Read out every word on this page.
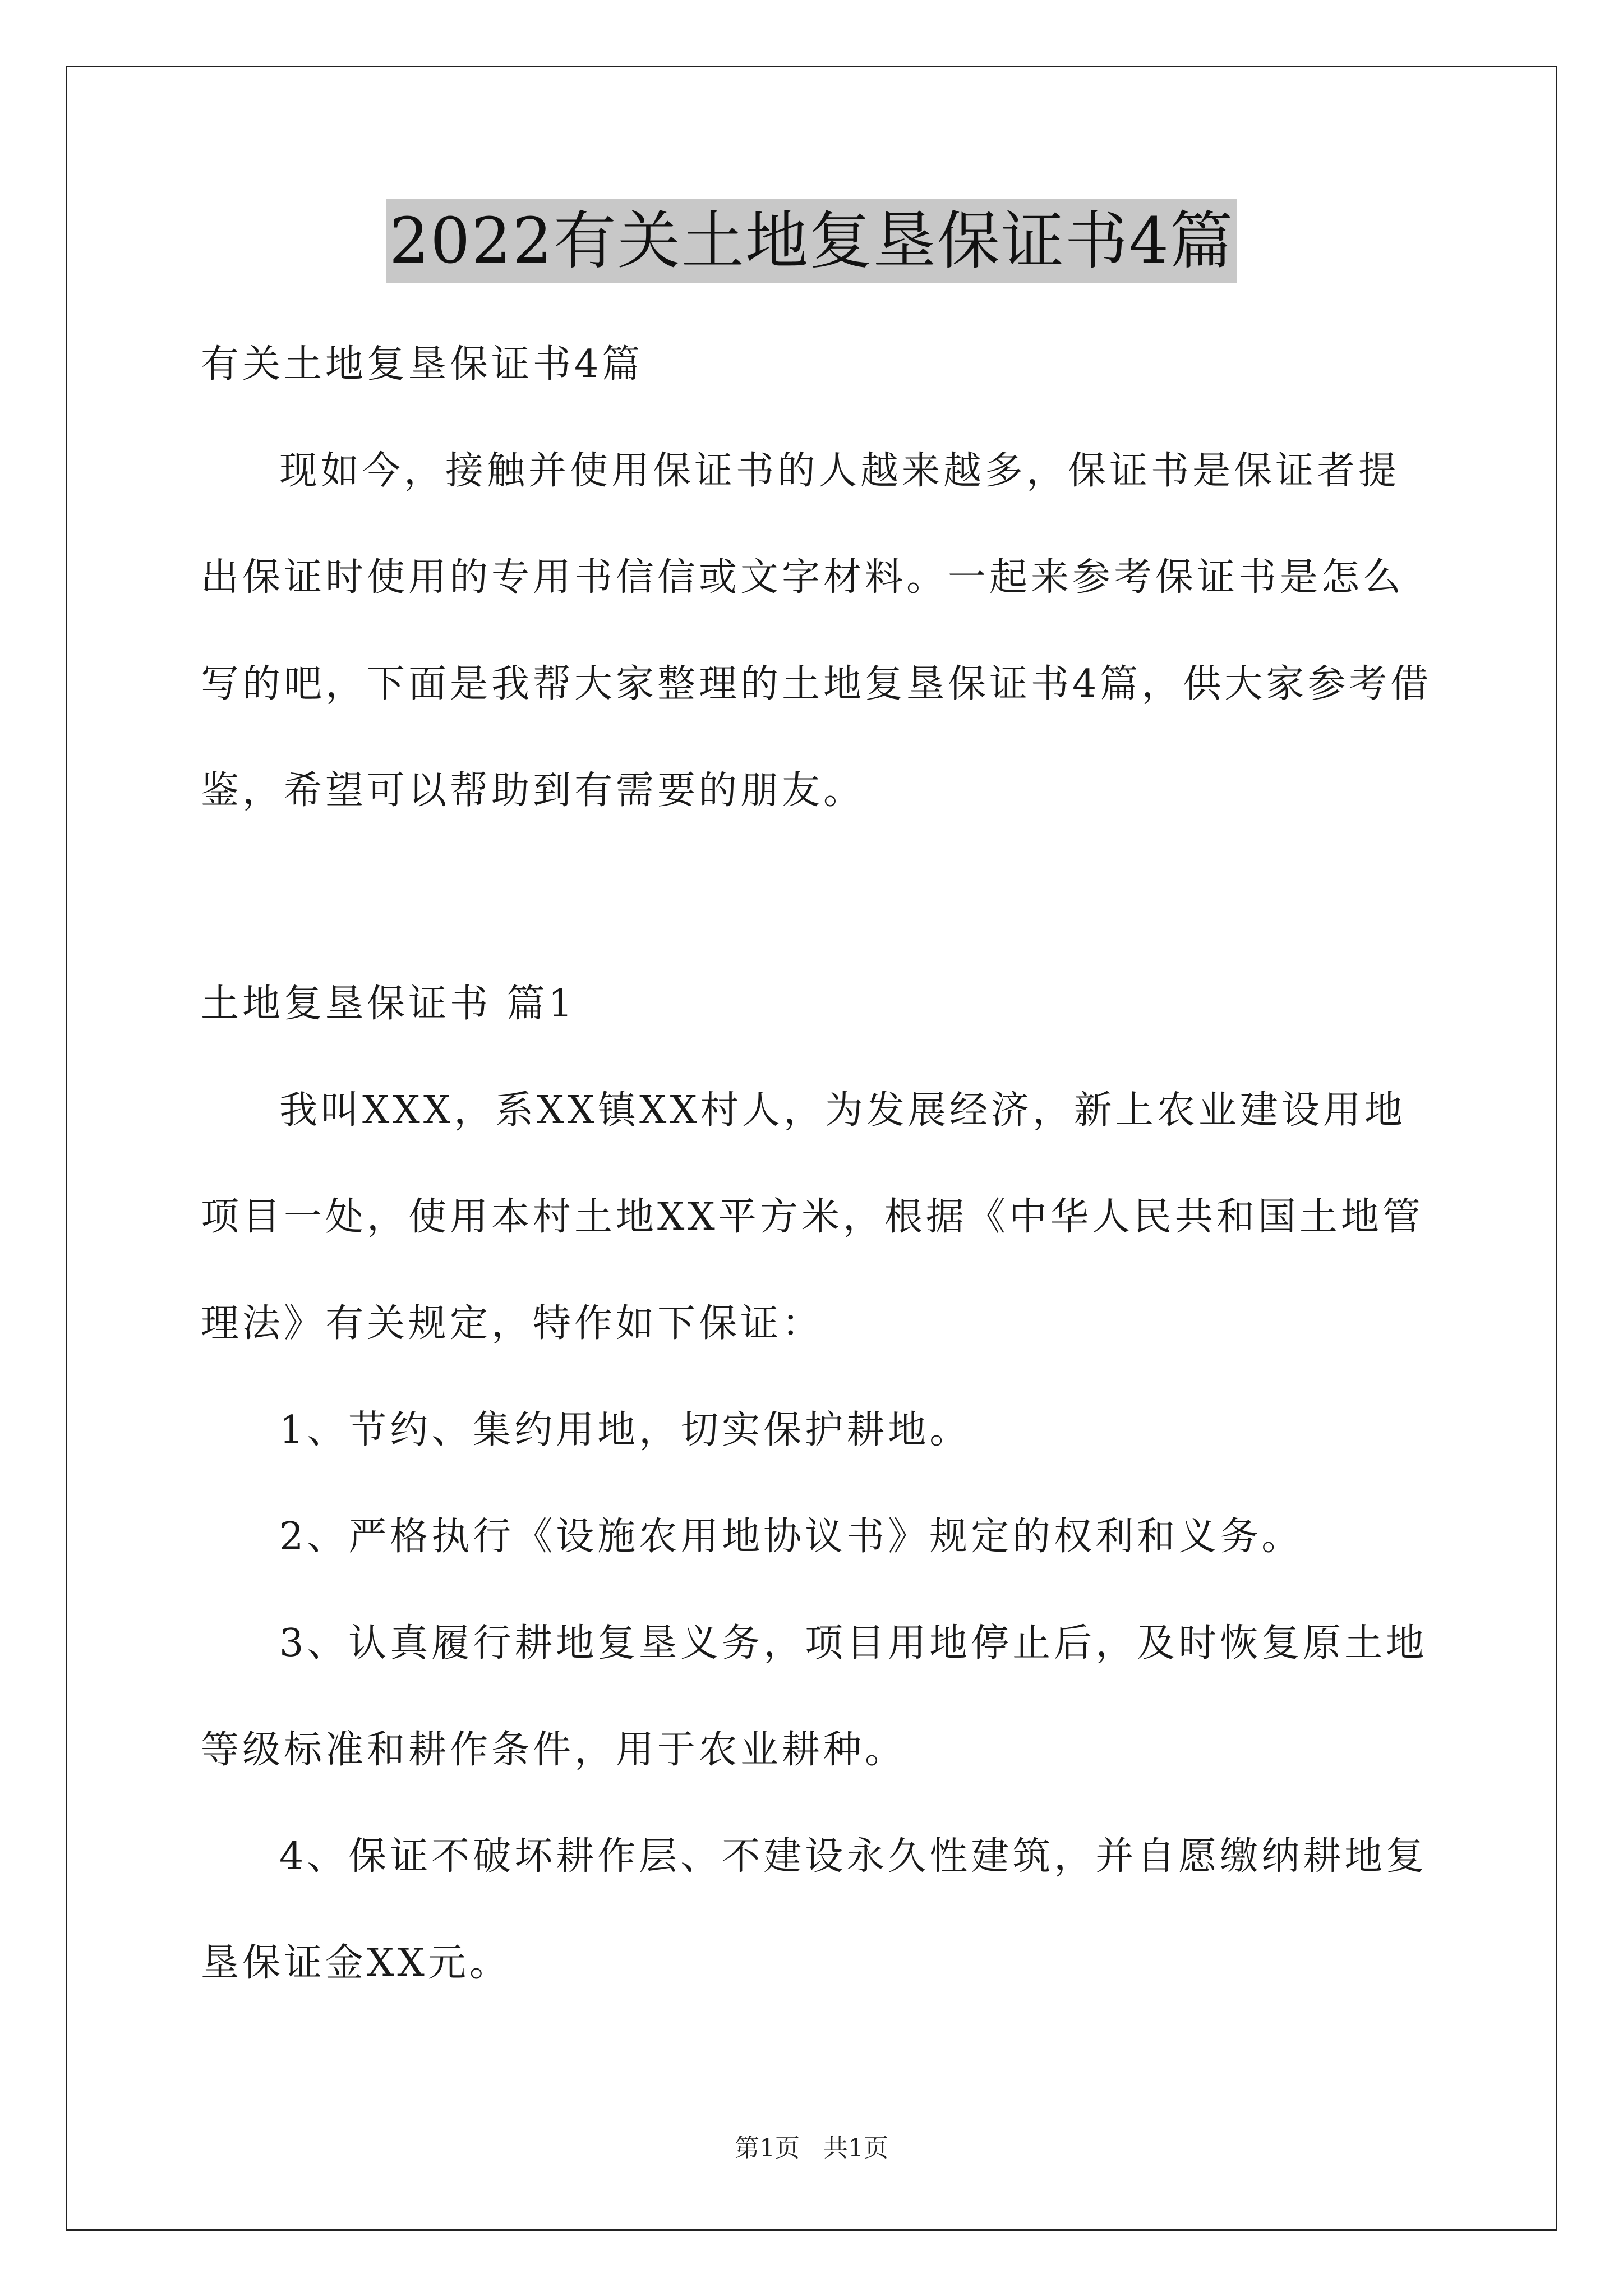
2022有关土地复垦保证书4篇

有关土地复垦保证书4篇

现如今，接触并使用保证书的人越来越多，保证书是保证者提出保证时使用的专用书信信或文字材料。一起来参考保证书是怎么写的吧，下面是我帮大家整理的土地复垦保证书4篇，供大家参考借鉴，希望可以帮助到有需要的朋友。

土地复垦保证书 篇1

我叫XXX，系XX镇XX村人，为发展经济，新上农业建设用地项目一处，使用本村土地XX平方米，根据《中华人民共和国土地管理法》有关规定，特作如下保证：

1、节约、集约用地，切实保护耕地。

2、严格执行《设施农用地协议书》规定的权利和义务。

3、认真履行耕地复垦义务，项目用地停止后，及时恢复原土地等级标准和耕作条件，用于农业耕种。

4、保证不破坏耕作层、不建设永久性建筑，并自愿缴纳耕地复垦保证金XX元。

第1页 共1页
